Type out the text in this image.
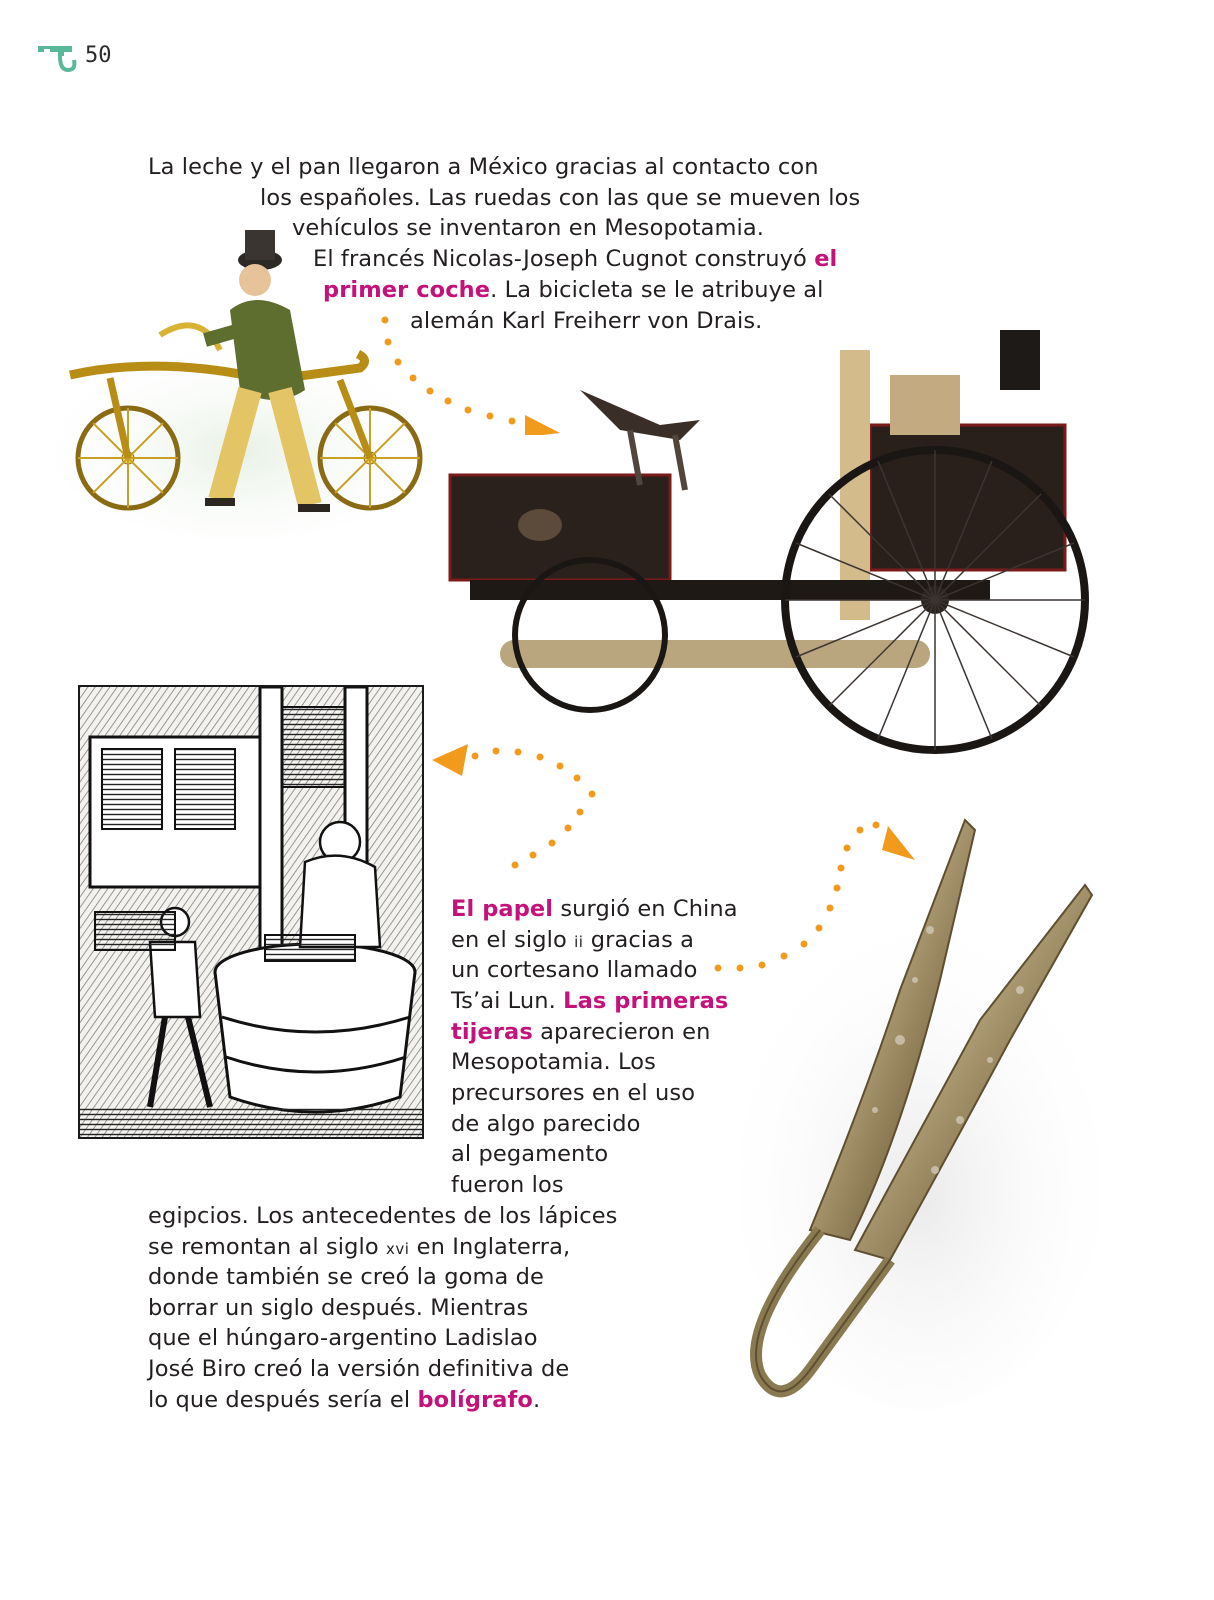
50
La leche y el pan llegaron a México gracias al contacto con
los españoles. Las ruedas con las que se mueven los
vehículos se inventaron en Mesopotamia.
El francés Nicolas-Joseph Cugnot construyó el
primer coche. La bicicleta se le atribuye al
alemán Karl Freiherr von Drais.
El papel surgió en China
en el siglo ii gracias a
un cortesano llamado
Ts’ai Lun. Las primeras
tijeras aparecieron en
Mesopotamia. Los
precursores en el uso
de algo parecido
al pegamento
fueron los
egipcios. Los antecedentes de los lápices
se remontan al siglo xvi en Inglaterra,
donde también se creó la goma de
borrar un siglo después. Mientras
que el húngaro-argentino Ladislao
José Biro creó la versión definitiva de
lo que después sería el bolígrafo.
